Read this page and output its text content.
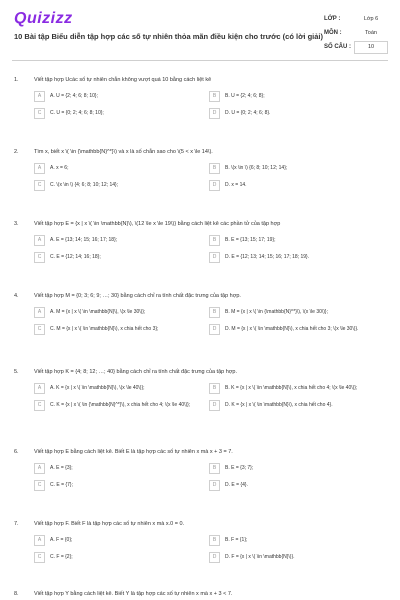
Quizizz
10 Bài tập Biểu diễn tập hợp các số tự nhiên thỏa mãn điều kiện cho trước (có lời giải)
LỚP :	Lớp 6
MÔN :	Toán
SỐ CÂU :	10
1.	Viết tập hợp Ucác số tự nhiên chẵn không vượt quá 10 bằng cách liệt kê
A	A. U = {2; 4; 6; 8; 10};	B	B. U = {2; 4; 6; 8};
C	C. U = {0; 2; 4; 6; 8; 10};	D	D. U = {0; 2; 4; 6; 8}.
2.	Tìm x, biết x \( \in {\mathbb{N}^*}\) và x là số chẵn sao cho \(5 < x \le 14\).
A	A. x = 6;	B	B. \(x \in \) {6; 8; 10; 12; 14};
C	C. \(x \in \) {4; 6; 8; 10; 12; 14};	D	D. x = 14.
3.	Viết tập hợp E = {x | x \( \in \mathbb{N}\), \(12 \le x \le 19\)} bằng cách liệt kê các phần tử của tập hợp
A	A. E = {13; 14; 15; 16; 17; 18};	B	B. E = {13; 15; 17; 19};
C	C. E = {12; 14; 16; 18};	D	D. E = {12; 13; 14; 15; 16; 17; 18; 19}.
4.	Viết tập hợp M = {0; 3; 6; 9; …; 30} bằng cách chỉ ra tính chất đặc trưng của tập hợp.
A	A. M = {x | x \( \in \mathbb{N}\), \(x \le 30\)};	B	B. M = {x | x \( \in {\mathbb{N}^*}\), \(x \le 30\)};
C	C. M = {x | x \( \in \mathbb{N}\), x chia hết cho 3};	D	D. M = {x | x \( \in \mathbb{N}\), x chia hết cho 3; \(x \le 30\)}.
5.	Viết tập hợp K = {4; 8; 12; …; 40} bằng cách chỉ ra tính chất đặc trưng của tập hợp.
A	A. K = {x | x \( \in \mathbb{N}\), \(x \le 40\)};	B	B. K = {x | x \( \in \mathbb{N}\), x chia hết cho 4; \(x \le 40\)};
C	C. K = {x | x \( \in {\mathbb{N}^*}\), x chia hết cho 4; \(x \le 40\)};	D	D. K = {x | x \( \in \mathbb{N}\), x chia hết cho 4}.
6.	Viết tập hợp E bằng cách liệt kê. Biết E là tập hợp các số tự nhiên x mà x + 3 = 7.
A	A. E = {3};	B	B. E = {3; 7};
C	C. E = {7};	D	D. E = {4}.
7.	Viết tập hợp F. Biết F là tập hợp các số tự nhiên x mà x.0 = 0.
A	A. F = {0};	B	B. F = {1};
C	C. F = {2};	D	D. F = {x | x \( \in \mathbb{N}\)}.
8.	Viết tập hợp Y bằng cách liệt kê. Biết Y là tập hợp các số tự nhiên x mà x + 3 < 7.
